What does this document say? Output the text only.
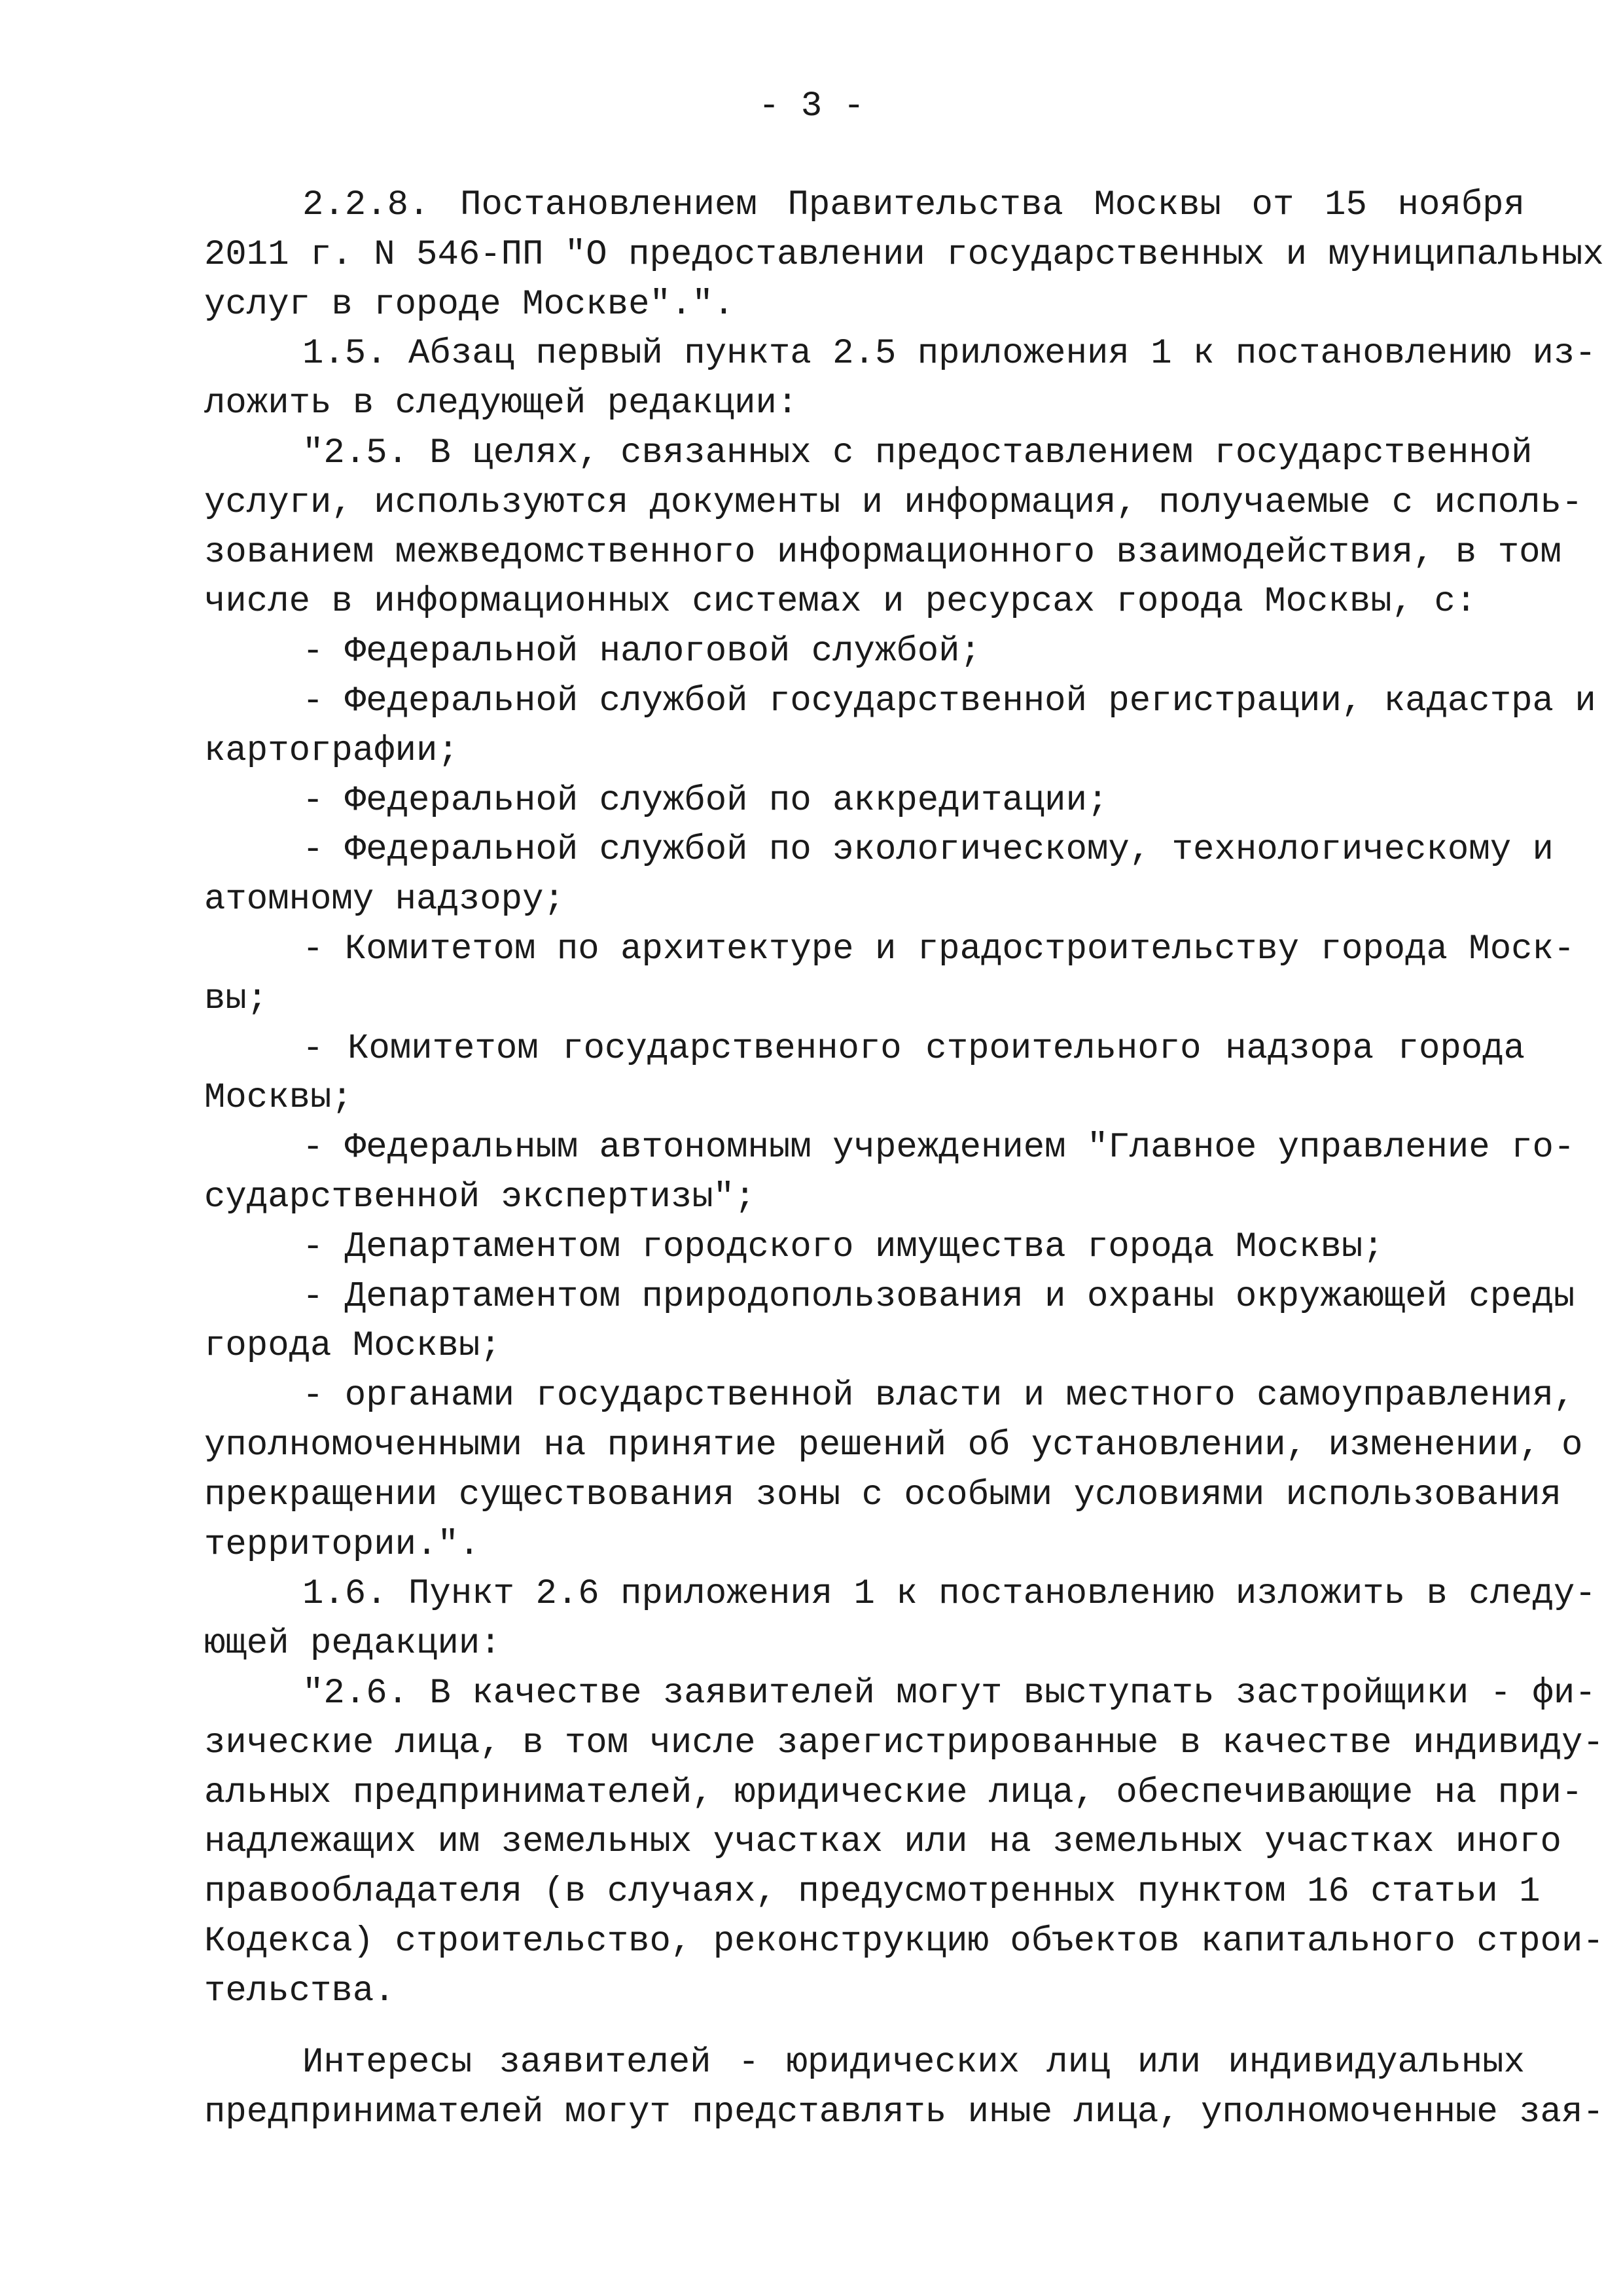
- 3 -
2.2.8. Постановлением Правительства Москвы от 15 ноября
2011 г. N 546-ПП "О предоставлении государственных и муниципальных
услуг в городе Москве".".
1.5. Абзац первый пункта 2.5 приложения 1 к постановлению из-
ложить в следующей редакции:
"2.5. В целях, связанных с предоставлением государственной
услуги, используются документы и информация, получаемые с исполь-
зованием межведомственного информационного взаимодействия, в том
числе в информационных системах и ресурсах города Москвы, с:
- Федеральной налоговой службой;
- Федеральной службой государственной регистрации, кадастра и
картографии;
- Федеральной службой по аккредитации;
- Федеральной службой по экологическому, технологическому и
атомному надзору;
- Комитетом по архитектуре и градостроительству города Моск-
вы;
- Комитетом государственного строительного надзора города
Москвы;
- Федеральным автономным учреждением "Главное управление го-
сударственной экспертизы";
- Департаментом городского имущества города Москвы;
- Департаментом природопользования и охраны окружающей среды
города Москвы;
- органами государственной власти и местного самоуправления,
уполномоченными на принятие решений об установлении, изменении, о
прекращении существования зоны с особыми условиями использования
территории.".
1.6. Пункт 2.6 приложения 1 к постановлению изложить в следу-
ющей редакции:
"2.6. В качестве заявителей могут выступать застройщики - фи-
зические лица, в том числе зарегистрированные в качестве индивиду-
альных предпринимателей, юридические лица, обеспечивающие на при-
надлежащих им земельных участках или на земельных участках иного
правообладателя (в случаях, предусмотренных пунктом 16 статьи 1
Кодекса) строительство, реконструкцию объектов капитального строи-
тельства.
Интересы заявителей - юридических лиц или индивидуальных
предпринимателей могут представлять иные лица, уполномоченные зая-
